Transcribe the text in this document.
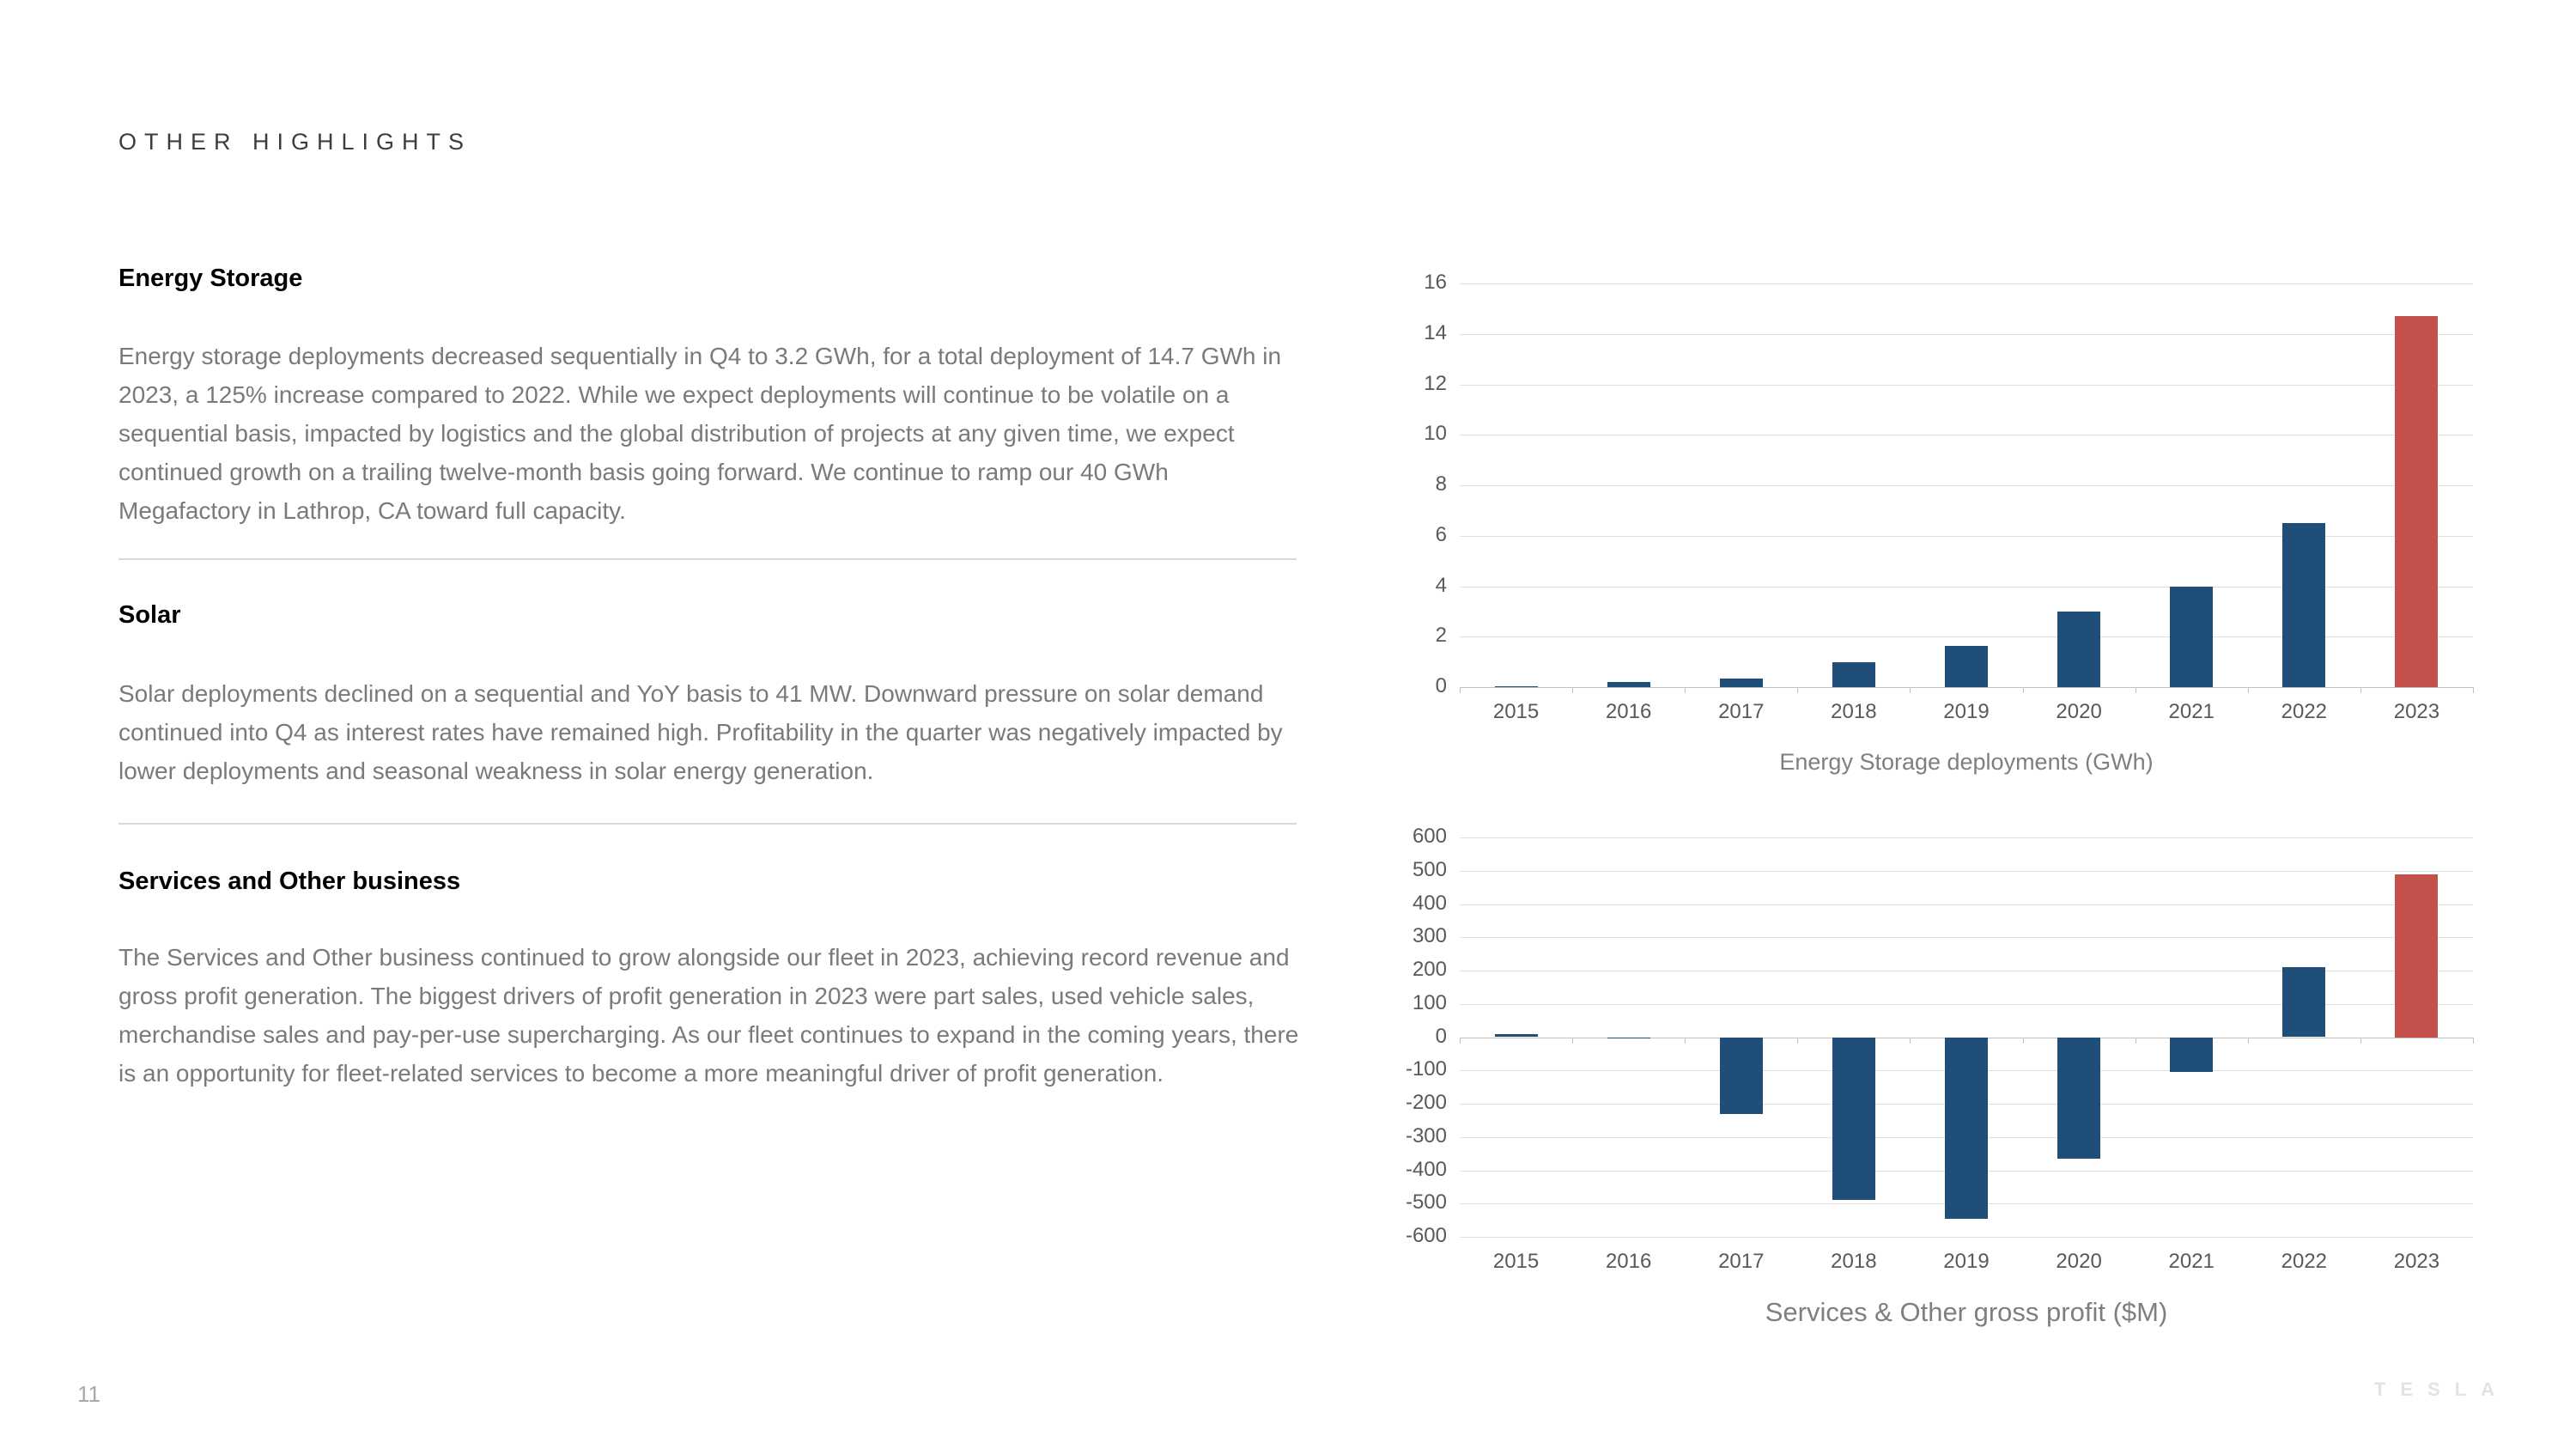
OTHER HIGHLIGHTS
Energy Storage

Energy storage deployments decreased sequentially in Q4 to 3.2 GWh, for a total deployment of 14.7 GWh in 2023, a 125% increase compared to 2022. While we expect deployments will continue to be volatile on a sequential basis, impacted by logistics and the global distribution of projects at any given time, we expect continued growth on a trailing twelve-month basis going forward. We continue to ramp our 40 GWh Megafactory in Lathrop, CA toward full capacity.

Solar

Solar deployments declined on a sequential and YoY basis to 41 MW. Downward pressure on solar demand continued into Q4 as interest rates have remained high. Profitability in the quarter was negatively impacted by lower deployments and seasonal weakness in solar energy generation.

Services and Other business

The Services and Other business continued to grow alongside our fleet in 2023, achieving record revenue and gross profit generation. The biggest drivers of profit generation in 2023 were part sales, used vehicle sales, merchandise sales and pay-per-use supercharging. As our fleet continues to expand in the coming years, there is an opportunity for fleet-related services to become a more meaningful driver of profit generation.

0
2
4
6
8
10
12
14
16
2015	2016	2017	2018	2019	2020	2021	2022	2023
Energy Storage deployments (GWh)
-600
-500
-400
-300
-200
-100
0
100
200
300
400
500
600
2015	2016	2017	2018	2019	2020	2021	2022	2023
Services & Other gross profit ($M)
11	TESLA
